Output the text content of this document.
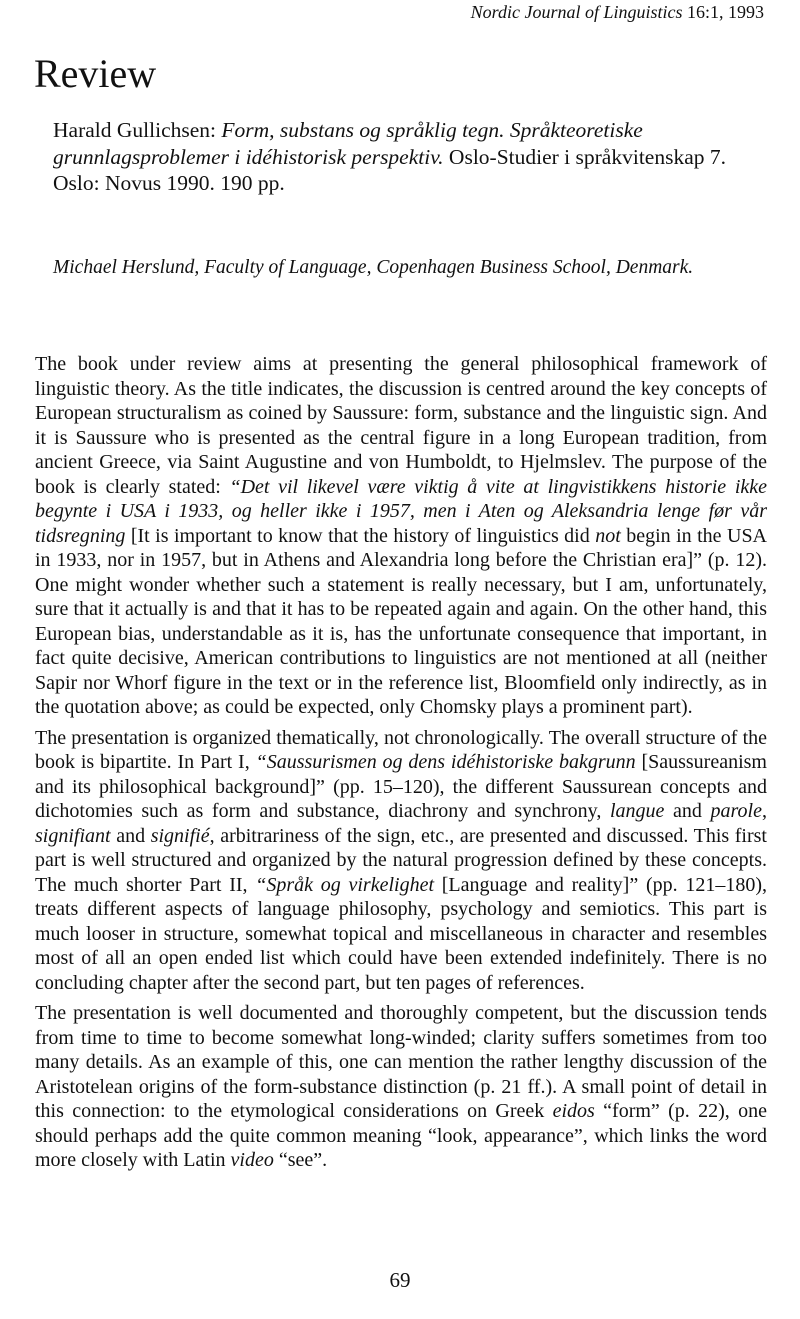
Nordic Journal of Linguistics 16:1, 1993
Review

Harald Gullichsen: Form, substans og språklig tegn. Språkteoretiske grunnlagsproblemer i idéhistorisk perspektiv. Oslo-Studier i språkvitenskap 7. Oslo: Novus 1990. 190 pp.

Michael Herslund, Faculty of Language, Copenhagen Business School, Denmark.

The book under review aims at presenting the general philosophical framework of linguistic theory. As the title indicates, the discussion is centred around the key concepts of European structuralism as coined by Saussure: form, substance and the linguistic sign. And it is Saussure who is presented as the central figure in a long European tradition, from ancient Greece, via Saint Augustine and von Humboldt, to Hjelmslev. The purpose of the book is clearly stated: “Det vil likevel være viktig å vite at lingvistikkens historie ikke begynte i USA i 1933, og heller ikke i 1957, men i Aten og Aleksandria lenge før vår tidsregning [It is important to know that the history of linguistics did not begin in the USA in 1933, nor in 1957, but in Athens and Alexandria long before the Christian era]” (p. 12). One might wonder whether such a statement is really necessary, but I am, unfortunately, sure that it actually is and that it has to be repeated again and again. On the other hand, this European bias, understandable as it is, has the unfortunate consequence that important, in fact quite decisive, American contributions to linguistics are not mentioned at all (neither Sapir nor Whorf figure in the text or in the reference list, Bloomfield only indirectly, as in the quotation above; as could be expected, only Chomsky plays a prominent part).

The presentation is organized thematically, not chronologically. The overall structure of the book is bipartite. In Part I, “Saussurismen og dens idéhistoriske bakgrunn [Saussureanism and its philosophical background]” (pp. 15–120), the different Saussurean concepts and dichotomies such as form and substance, diachrony and synchrony, langue and parole, signifiant and signifié, arbitrariness of the sign, etc., are presented and discussed. This first part is well structured and organized by the natural progression defined by these concepts. The much shorter Part II, “Språk og virkelighet [Language and reality]” (pp. 121–180), treats different aspects of language philosophy, psychology and semiotics. This part is much looser in structure, somewhat topical and miscellaneous in character and resembles most of all an open ended list which could have been extended indefinitely. There is no concluding chapter after the second part, but ten pages of references.

The presentation is well documented and thoroughly competent, but the discussion tends from time to time to become somewhat long-winded; clarity suffers sometimes from too many details. As an example of this, one can mention the rather lengthy discussion of the Aristotelean origins of the form-substance distinction (p. 21 ff.). A small point of detail in this connection: to the etymological considerations on Greek eidos “form” (p. 22), one should perhaps add the quite common meaning “look, appearance”, which links the word more closely with Latin video “see”.

69
